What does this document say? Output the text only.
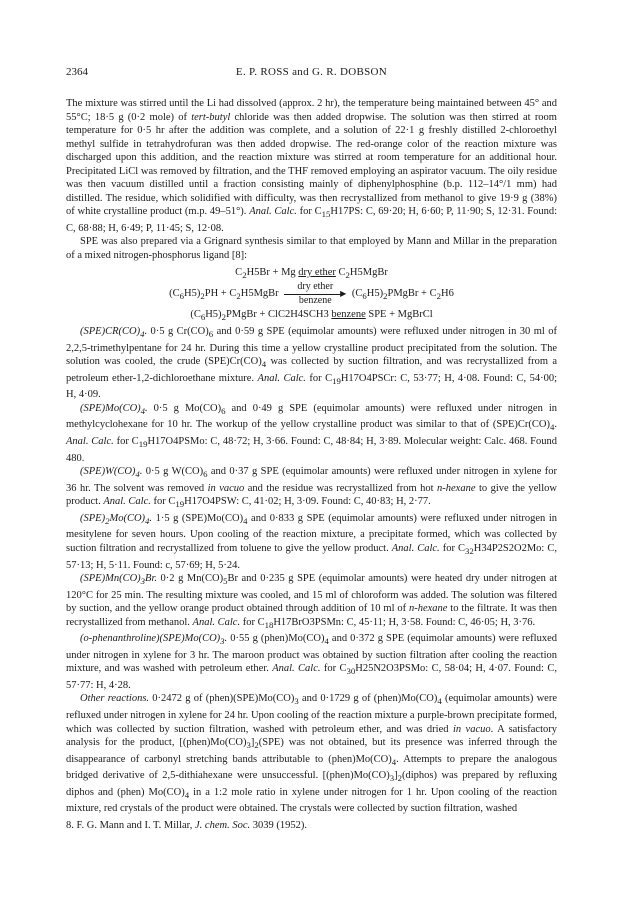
2364	E. P. ROSS and G. R. DOBSON

The mixture was stirred until the Li had dissolved (approx. 2 hr), the temperature being maintained between 45° and 55°C; 18·5 g (0·2 mole) of tert-butyl chloride was then added dropwise. The solution was then stirred at room temperature for 0·5 hr after the addition was complete, and a solution of 22·1 g freshly distilled 2-chloroethyl methyl sulfide in tetrahydrofuran was then added dropwise. The red-orange color of the reaction mixture was discharged upon this addition, and the reaction mixture was stirred at room temperature for an additional hour. Precipitated LiCl was removed by filtration, and the THF removed employing an aspirator vacuum. The oily residue was then vacuum distilled until a fraction consisting mainly of diphenylphosphine (b.p. 112–14°/1 mm) had distilled. The residue, which solidified with difficulty, was then recrystallized from methanol to give 19·9 g (38%) of white crystalline product (m.p. 49–51°). Anal. Calc. for $C_{15}H17PS$: C, 69·20; H, 6·60; P, 11·90; S, 12·31. Found: C, 68·88; H, 6·49; P, 11·45; S, 12·08.

SPE was also prepared via a Grignard synthesis similar to that employed by Mann and Millar in the preparation of a mixed nitrogen-phosphorus ligand [8]:

$C_2H5Br + Mg$ dry ether $C_2H5MgBr$
$(C_6H5)_2PH$ + $C_2H5MgBr$
dry ether
▶
benzene
$(C_6H5)_2PMgBr + C_2H6$
$(C_6H5)_2PMgBr + ClC2H4SCH3$ benzene SPE + MgBrCl

$(SPE)CR(CO)_4$. 0·5 g $Cr(CO)_6$ and 0·59 g SPE (equimolar amounts) were refluxed under nitrogen in 30 ml of 2,2,5-trimethylpentane for 24 hr. During this time a yellow crystalline product precipitated from the solution. The solution was cooled, the crude $(SPE)Cr(CO)_4$ was collected by suction filtration, and was recrystallized from a petroleum ether-1,2-dichloroethane mixture. Anal. Calc. for $C_{19}H17O4PSCr$: C, 53·77; H, 4·08. Found: C, 54·00; H, 4·09.

$(SPE)Mo(CO)_4$. 0·5 g $Mo(CO)_6$ and 0·49 g SPE (equimolar amounts) were refluxed under nitrogen in methylcyclohexane for 10 hr. The workup of the yellow crystalline product was similar to that of $(SPE)Cr(CO)_4$. Anal. Calc. for $C_{19}H17O4PSMo$: C, 48·72; H, 3·66. Found: C, 48·84; H, 3·89. Molecular weight: Calc. 468. Found 480.

$(SPE)W(CO)_4$. 0·5 g $W(CO)_6$ and 0·37 g SPE (equimolar amounts) were refluxed under nitrogen in xylene for 36 hr. The solvent was removed in vacuo and the residue was recrystallized from hot n-hexane to give the yellow product. Anal. Calc. for $C_{19}H17O4PSW$: C, 41·02; H, 3·09. Found: C, 40·83; H, 2·77.

$(SPE)_2Mo(CO)_4$. 1·5 g $(SPE)Mo(CO)_4$ and 0·833 g SPE (equimolar amounts) were refluxed under nitrogen in mesitylene for seven hours. Upon cooling of the reaction mixture, a precipitate formed, which was collected by suction filtration and recrystallized from toluene to give the yellow product. Anal. Calc. for $C_{32}H34P2S2O2Mo$: C, 57·13; H, 5·11. Found: c, 57·69; H, 5·24.

$(SPE)Mn(CO)_3Br$. 0·2 g $Mn(CO)_5Br$ and 0·235 g SPE (equimolar amounts) were heated dry under nitrogen at 120°C for 25 min. The resulting mixture was cooled, and 15 ml of chloroform was added. The solution was filtered by suction, and the yellow orange product obtained through addition of 10 ml of n-hexane to the filtrate. It was then recrystallized from methanol. Anal. Calc. for $C_{18}H17BrO3PSMn$: C, 45·11; H, 3·58. Found: C, 46·05; H, 3·76.

$(o-phenanthroline)(SPE)Mo(CO)_3$. 0·55 g $(phen)Mo(CO)_4$ and 0·372 g SPE (equimolar amounts) were refluxed under nitrogen in xylene for 3 hr. The maroon product was obtained by suction filtration after cooling the reaction mixture, and was washed with petroleum ether. Anal. Calc. for $C_{30}H25N2O3PSMo$: C, 58·04; H, 4·07. Found: C, 57·77: H, 4·28.

Other reactions. 0·2472 g of $(phen)(SPE)Mo(CO)_3$ and 0·1729 g of $(phen)Mo(CO)_4$ (equimolar amounts) were refluxed under nitrogen in xylene for 24 hr. Upon cooling of the reaction mixture a purple-brown precipitate formed, which was collected by suction filtration, washed with petroleum ether, and was dried in vacuo. A satisfactory analysis for the product, $[(phen)Mo(CO)_3]_2(SPE)$ was not obtained, but its presence was inferred through the disappearance of carbonyl stretching bands attributable to $(phen)Mo(CO)_4$. Attempts to prepare the analogous bridged derivative of 2,5-dithiahexane were unsuccessful. $[(phen)Mo(CO)_3]_2(diphos)$ was prepared by refluxing diphos and (phen) $Mo(CO)_4$ in a 1:2 mole ratio in xylene under nitrogen for 1 hr. Upon cooling of the reaction mixture, red crystals of the product were obtained. The crystals were collected by suction filtration, washed

8. F. G. Mann and I. T. Millar, J. chem. Soc. 3039 (1952).
